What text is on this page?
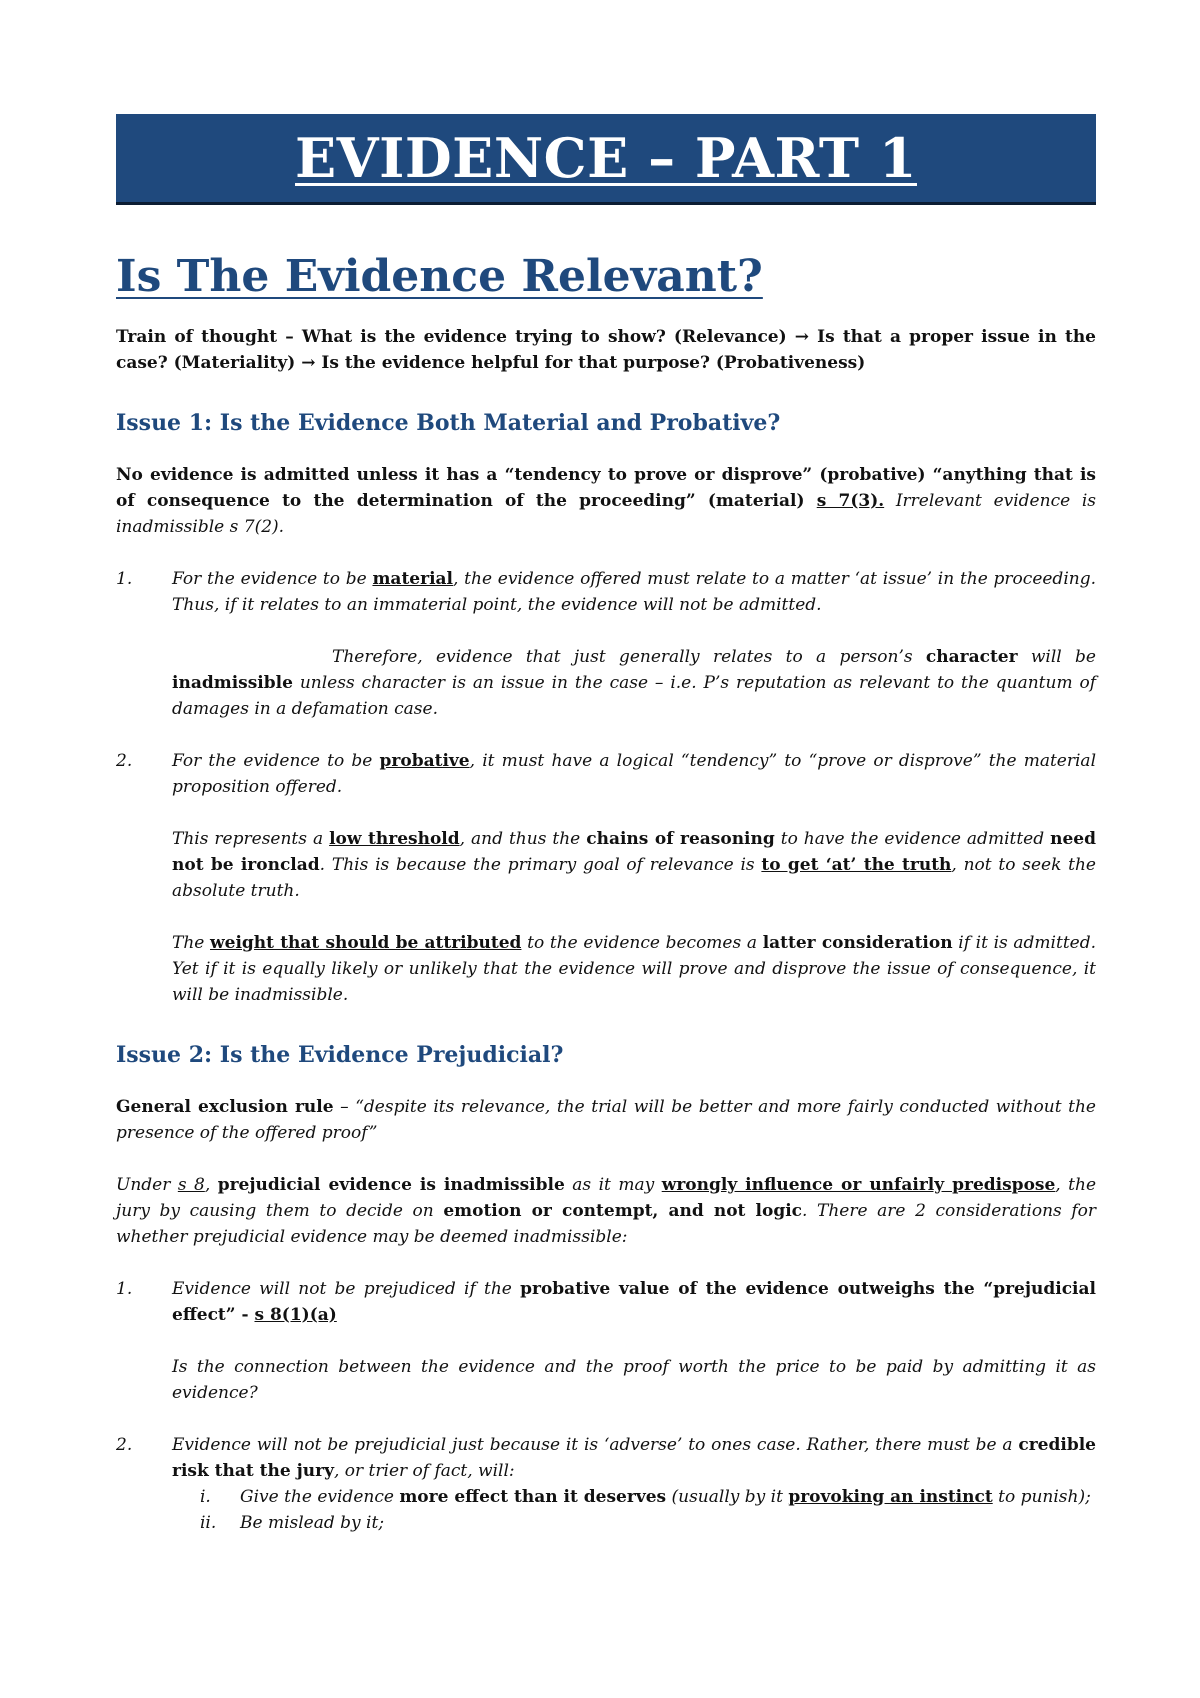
EVIDENCE – PART 1
Is The Evidence Relevant?

Train of thought – What is the evidence trying to show? (Relevance) → Is that a proper issue in the case? (Materiality) → Is the evidence helpful for that purpose? (Probativeness)

Issue 1: Is the Evidence Both Material and Probative?

No evidence is admitted unless it has a “tendency to prove or disprove” (probative) “anything that is of consequence to the determination of the proceeding” (material) s 7(3). Irrelevant evidence is inadmissible s 7(2).

1.	For the evidence to be material, the evidence offered must relate to a matter ‘at issue’ in the proceeding. Thus, if it relates to an immaterial point, the evidence will not be admitted.

Therefore, evidence that just generally relates to a person’s character will be inadmissible unless character is an issue in the case – i.e. P’s reputation as relevant to the quantum of damages in a defamation case.

2.	For the evidence to be probative, it must have a logical “tendency” to “prove or disprove” the material proposition offered.

This represents a low threshold, and thus the chains of reasoning to have the evidence admitted need not be ironclad. This is because the primary goal of relevance is to get ‘at’ the truth, not to seek the absolute truth.

The weight that should be attributed to the evidence becomes a latter consideration if it is admitted. Yet if it is equally likely or unlikely that the evidence will prove and disprove the issue of consequence, it will be inadmissible.

Issue 2: Is the Evidence Prejudicial?

General exclusion rule – “despite its relevance, the trial will be better and more fairly conducted without the presence of the offered proof”

Under s 8, prejudicial evidence is inadmissible as it may wrongly influence or unfairly predispose, the jury by causing them to decide on emotion or contempt, and not logic. There are 2 considerations for whether prejudicial evidence may be deemed inadmissible:

1.	Evidence will not be prejudiced if the probative value of the evidence outweighs the “prejudicial effect” - s 8(1)(a)

Is the connection between the evidence and the proof worth the price to be paid by admitting it as evidence?

2.	Evidence will not be prejudicial just because it is ‘adverse’ to ones case. Rather, there must be a credible risk that the jury, or trier of fact, will:
i.	Give the evidence more effect than it deserves (usually by it provoking an instinct to punish);
ii.	Be mislead by it;
